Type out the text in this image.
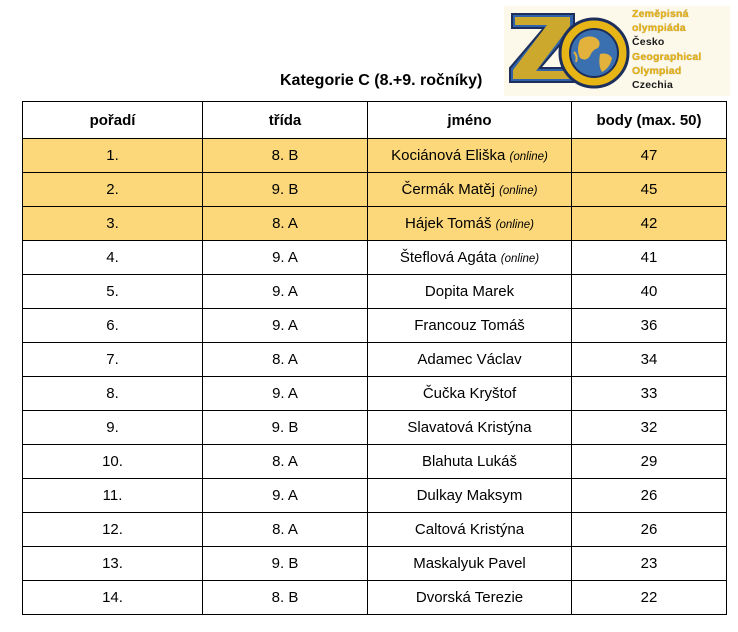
Zeměpisná
olympiáda
Česko
Geographical
Olympiad
Czechia
Kategorie C (8.+9. ročníky)
pořadí	třída	jméno	body (max. 50)
1.	8. B	Kociánová Eliška (online)	47
2.	9. B	Čermák Matěj (online)	45
3.	8. A	Hájek Tomáš (online)	42
4.	9. A	Šteflová Agáta (online)	41
5.	9. A	Dopita Marek	40
6.	9. A	Francouz Tomáš	36
7.	8. A	Adamec Václav	34
8.	9. A	Čučka Kryštof	33
9.	9. B	Slavatová Kristýna	32
10.	8. A	Blahuta Lukáš	29
11.	9. A	Dulkay Maksym	26
12.	8. A	Caltová Kristýna	26
13.	9. B	Maskalyuk Pavel	23
14.	8. B	Dvorská Terezie	22
